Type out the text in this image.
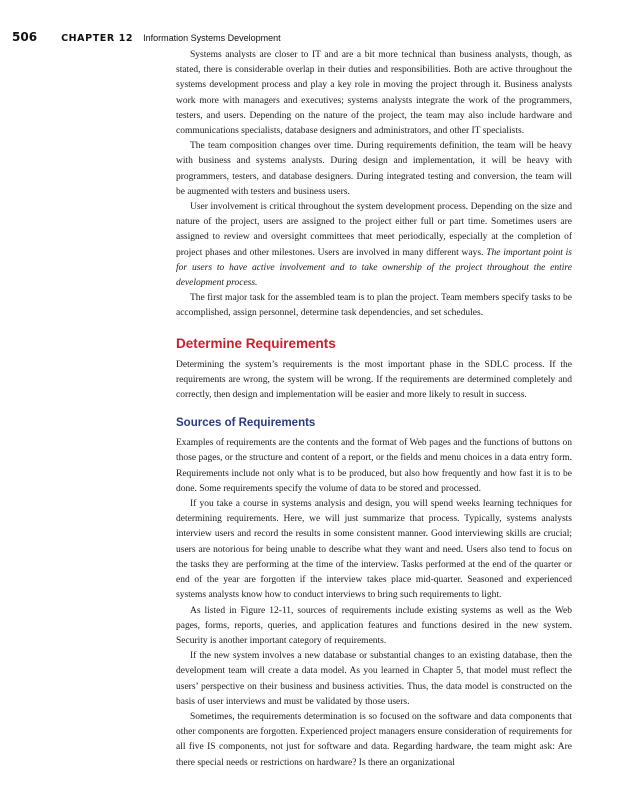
506	CHAPTER 12 Information Systems Development

Systems analysts are closer to IT and are a bit more technical than business analysts, though, as stated, there is considerable overlap in their duties and responsibilities. Both are active throughout the systems development process and play a key role in moving the project through it. Business analysts work more with managers and executives; systems analysts integrate the work of the programmers, testers, and users. Depending on the nature of the project, the team may also include hardware and communications specialists, database designers and administrators, and other IT specialists.

The team composition changes over time. During requirements definition, the team will be heavy with business and systems analysts. During design and implementation, it will be heavy with programmers, testers, and database designers. During integrated testing and conversion, the team will be augmented with testers and business users.

User involvement is critical throughout the system development process. Depending on the size and nature of the project, users are assigned to the project either full or part time. Sometimes users are assigned to review and oversight committees that meet periodically, especially at the completion of project phases and other milestones. Users are involved in many different ways. The important point is for users to have active involvement and to take ownership of the project throughout the entire development process.

The first major task for the assembled team is to plan the project. Team members specify tasks to be accomplished, assign personnel, determine task dependencies, and set schedules.

Determine Requirements

Determining the system’s requirements is the most important phase in the SDLC process. If the requirements are wrong, the system will be wrong. If the requirements are determined completely and correctly, then design and implementation will be easier and more likely to result in success.

Sources of Requirements

Examples of requirements are the contents and the format of Web pages and the functions of buttons on those pages, or the structure and content of a report, or the fields and menu choices in a data entry form. Requirements include not only what is to be produced, but also how frequently and how fast it is to be done. Some requirements specify the volume of data to be stored and processed.

If you take a course in systems analysis and design, you will spend weeks learning techniques for determining requirements. Here, we will just summarize that process. Typically, systems analysts interview users and record the results in some consistent manner. Good interviewing skills are crucial; users are notorious for being unable to describe what they want and need. Users also tend to focus on the tasks they are performing at the time of the interview. Tasks performed at the end of the quarter or end of the year are forgotten if the interview takes place mid-quarter. Seasoned and experienced systems analysts know how to conduct interviews to bring such requirements to light.

As listed in Figure 12-11, sources of requirements include existing systems as well as the Web pages, forms, reports, queries, and application features and functions desired in the new system. Security is another important category of requirements.

If the new system involves a new database or substantial changes to an existing database, then the development team will create a data model. As you learned in Chapter 5, that model must reflect the users’ perspective on their business and business activities. Thus, the data model is constructed on the basis of user interviews and must be validated by those users.

Sometimes, the requirements determination is so focused on the software and data components that other components are forgotten. Experienced project managers ensure consideration of requirements for all five IS components, not just for software and data. Regarding hardware, the team might ask: Are there special needs or restrictions on hardware? Is there an organizational
